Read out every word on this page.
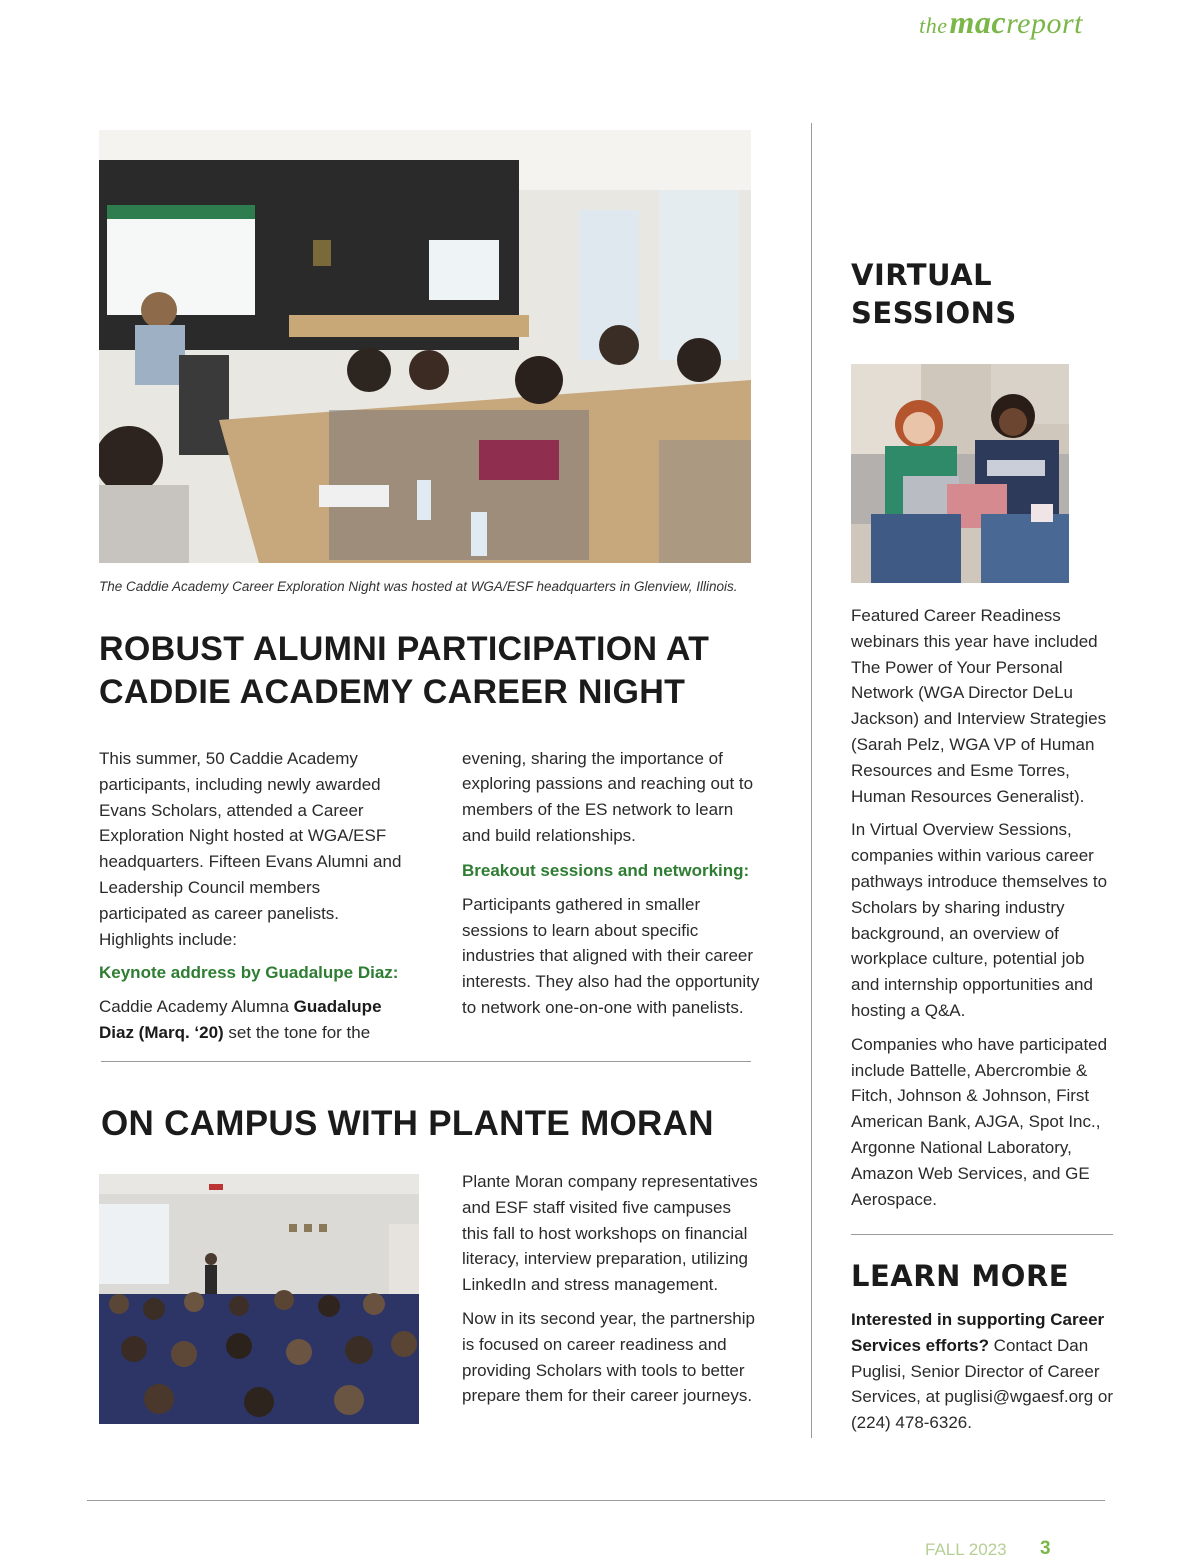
themacreport
The Caddie Academy Career Exploration Night was hosted at WGA/ESF headquarters in Glenview, Illinois.
ROBUST ALUMNI PARTICIPATION AT
CADDIE ACADEMY CAREER NIGHT

This summer, 50 Caddie Academy participants, including newly awarded Evans Scholars, attended a Career Exploration Night hosted at WGA/ESF headquarters. Fifteen Evans Alumni and Leadership Council members participated as career panelists. Highlights include:

Keynote address by Guadalupe Diaz:

Caddie Academy Alumna Guadalupe Diaz (Marq. ‘20) set the tone for the

evening, sharing the importance of exploring passions and reaching out to members of the ES network to learn and build relationships.

Breakout sessions and networking:

Participants gathered in smaller sessions to learn about specific industries that aligned with their career interests. They also had the opportunity to network one-on-one with panelists.

ON CAMPUS WITH PLANTE MORAN

Plante Moran company representatives and ESF staff visited five campuses this fall to host workshops on financial literacy, interview preparation, utilizing LinkedIn and stress management.

Now in its second year, the partnership is focused on career readiness and providing Scholars with tools to better prepare them for their career journeys.

VIRTUAL
SESSIONS

Featured Career Readiness webinars this year have included The Power of Your Personal Network (WGA Director DeLu Jackson) and Interview Strategies (Sarah Pelz, WGA VP of Human Resources and Esme Torres, Human Resources Generalist).

In Virtual Overview Sessions, companies within various career pathways introduce themselves to Scholars by sharing industry background, an overview of workplace culture, potential job and internship opportunities and hosting a Q&A.

Companies who have participated include Battelle, Abercrombie & Fitch, Johnson & Johnson, First American Bank, AJGA, Spot Inc., Argonne National Laboratory, Amazon Web Services, and GE Aerospace.

LEARN MORE

Interested in supporting Career Services efforts? Contact Dan Puglisi, Senior Director of Career Services, at puglisi@wgaesf.org or (224) 478-6326.

FALL 2023 3
